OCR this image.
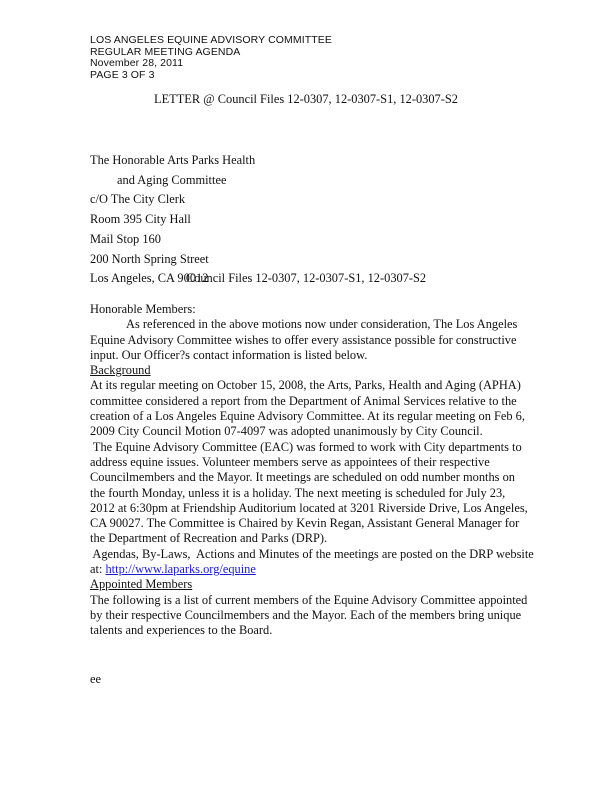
LOS ANGELES EQUINE ADVISORY COMMITTEE
REGULAR MEETING AGENDA
November 28, 2011
PAGE 3 OF 3
LETTER @ Council Files 12-0307, 12-0307-S1, 12-0307-S2
The Honorable Arts Parks Health
and Aging Committee
c/O The City Clerk
Room 395 City Hall
Mail Stop 160
200 North Spring Street
Los Angeles, CA 90012
Council Files 12-0307, 12-0307-S1, 12-0307-S2
Honorable Members:
As referenced in the above motions now under consideration, The Los Angeles
Equine Advisory Committee wishes to offer every assistance possible for constructive
input. Our Officer?s contact information is listed below.
Background
At its regular meeting on October 15, 2008, the Arts, Parks, Health and Aging (APHA)
committee considered a report from the Department of Animal Services relative to the
creation of a Los Angeles Equine Advisory Committee. At its regular meeting on Feb 6,
2009 City Council Motion 07-4097 was adopted unanimously by City Council.
The Equine Advisory Committee (EAC) was formed to work with City departments to
address equine issues. Volunteer members serve as appointees of their respective
Councilmembers and the Mayor. It meetings are scheduled on odd number months on
the fourth Monday, unless it is a holiday. The next meeting is scheduled for July 23,
2012 at 6:30pm at Friendship Auditorium located at 3201 Riverside Drive, Los Angeles,
CA 90027. The Committee is Chaired by Kevin Regan, Assistant General Manager for
the Department of Recreation and Parks (DRP).
Agendas, By-Laws,  Actions and Minutes of the meetings are posted on the DRP website
at: http://www.laparks.org/equine
Appointed Members
The following is a list of current members of the Equine Advisory Committee appointed
by their respective Councilmembers and the Mayor. Each of the members bring unique
talents and experiences to the Board.
ee
